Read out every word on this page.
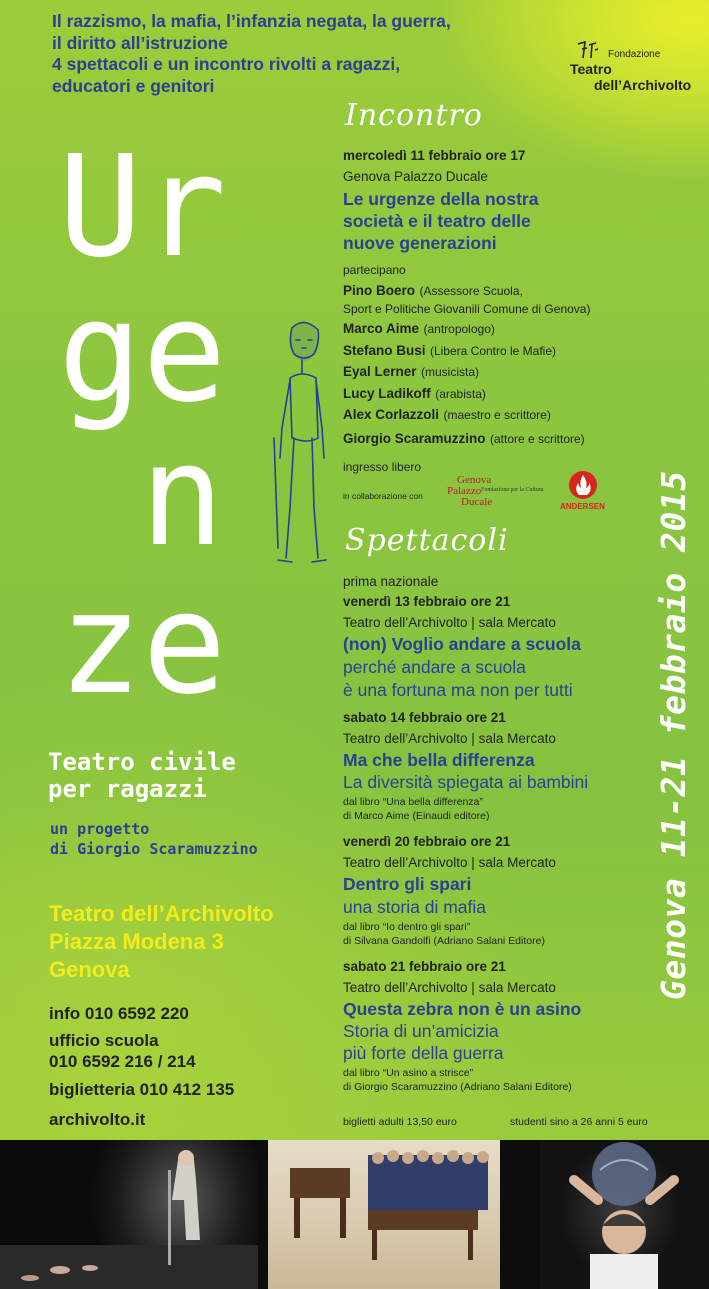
Il razzismo, la mafia, l’infanzia negata, la guerra,
il diritto all’istruzione
4 spettacoli e un incontro rivolti a ragazzi,
educatori e genitori
Fondazione
Teatro
dell’Archivolto
Ur
ge
n
ze
Teatro civile
per ragazzi
un progetto
di Giorgio Scaramuzzino
Teatro dell’Archivolto
Piazza Modena 3
Genova
info 010 6592 220
ufficio scuola
010 6592 216 / 214
biglietteria 010 412 135
archivolto.it
Incontro
mercoledì 11 febbraio ore 17
Genova Palazzo Ducale
Le urgenze della nostra
società e il teatro delle
nuove generazioni
partecipano
Pino Boero (Assessore Scuola,
Sport e Politiche Giovanili Comune di Genova)
Marco Aime (antropologo)
Stefano Busi (Libera Contro le Mafie)
Eyal Lerner (musicista)
Lucy Ladikoff (arabista)
Alex Corlazzoli (maestro e scrittore)
Giorgio Scaramuzzino (attore e scrittore)
ingresso libero
in collaborazione con
Genova
Palazzo Fondazione per la Cultura
Ducale	ANDERSEN
Spettacoli
prima nazionale
venerdì 13 febbraio ore 21
Teatro dell’Archivolto | sala Mercato
(non) Voglio andare a scuola
perché andare a scuola
è una fortuna ma non per tutti
sabato 14 febbraio ore 21
Teatro dell’Archivolto | sala Mercato
Ma che bella differenza
La diversità spiegata ai bambini
dal libro “Una bella differenza”
di Marco Aime (Einaudi editore)
venerdì 20 febbraio ore 21
Teatro dell’Archivolto | sala Mercato
Dentro gli spari
una storia di mafia
dal libro “Io dentro gli spari”
di Silvana Gandolfi (Adriano Salani Editore)
sabato 21 febbraio ore 21
Teatro dell’Archivolto | sala Mercato
Questa zebra non è un asino
Storia di un’amicizia
più forte della guerra
dal libro “Un asino a strisce”
di Giorgio Scaramuzzino (Adriano Salani Editore)
biglietti adulti 13,50 euro	studenti sino a 26 anni 5 euro
Genova 11-21 febbraio 2015
